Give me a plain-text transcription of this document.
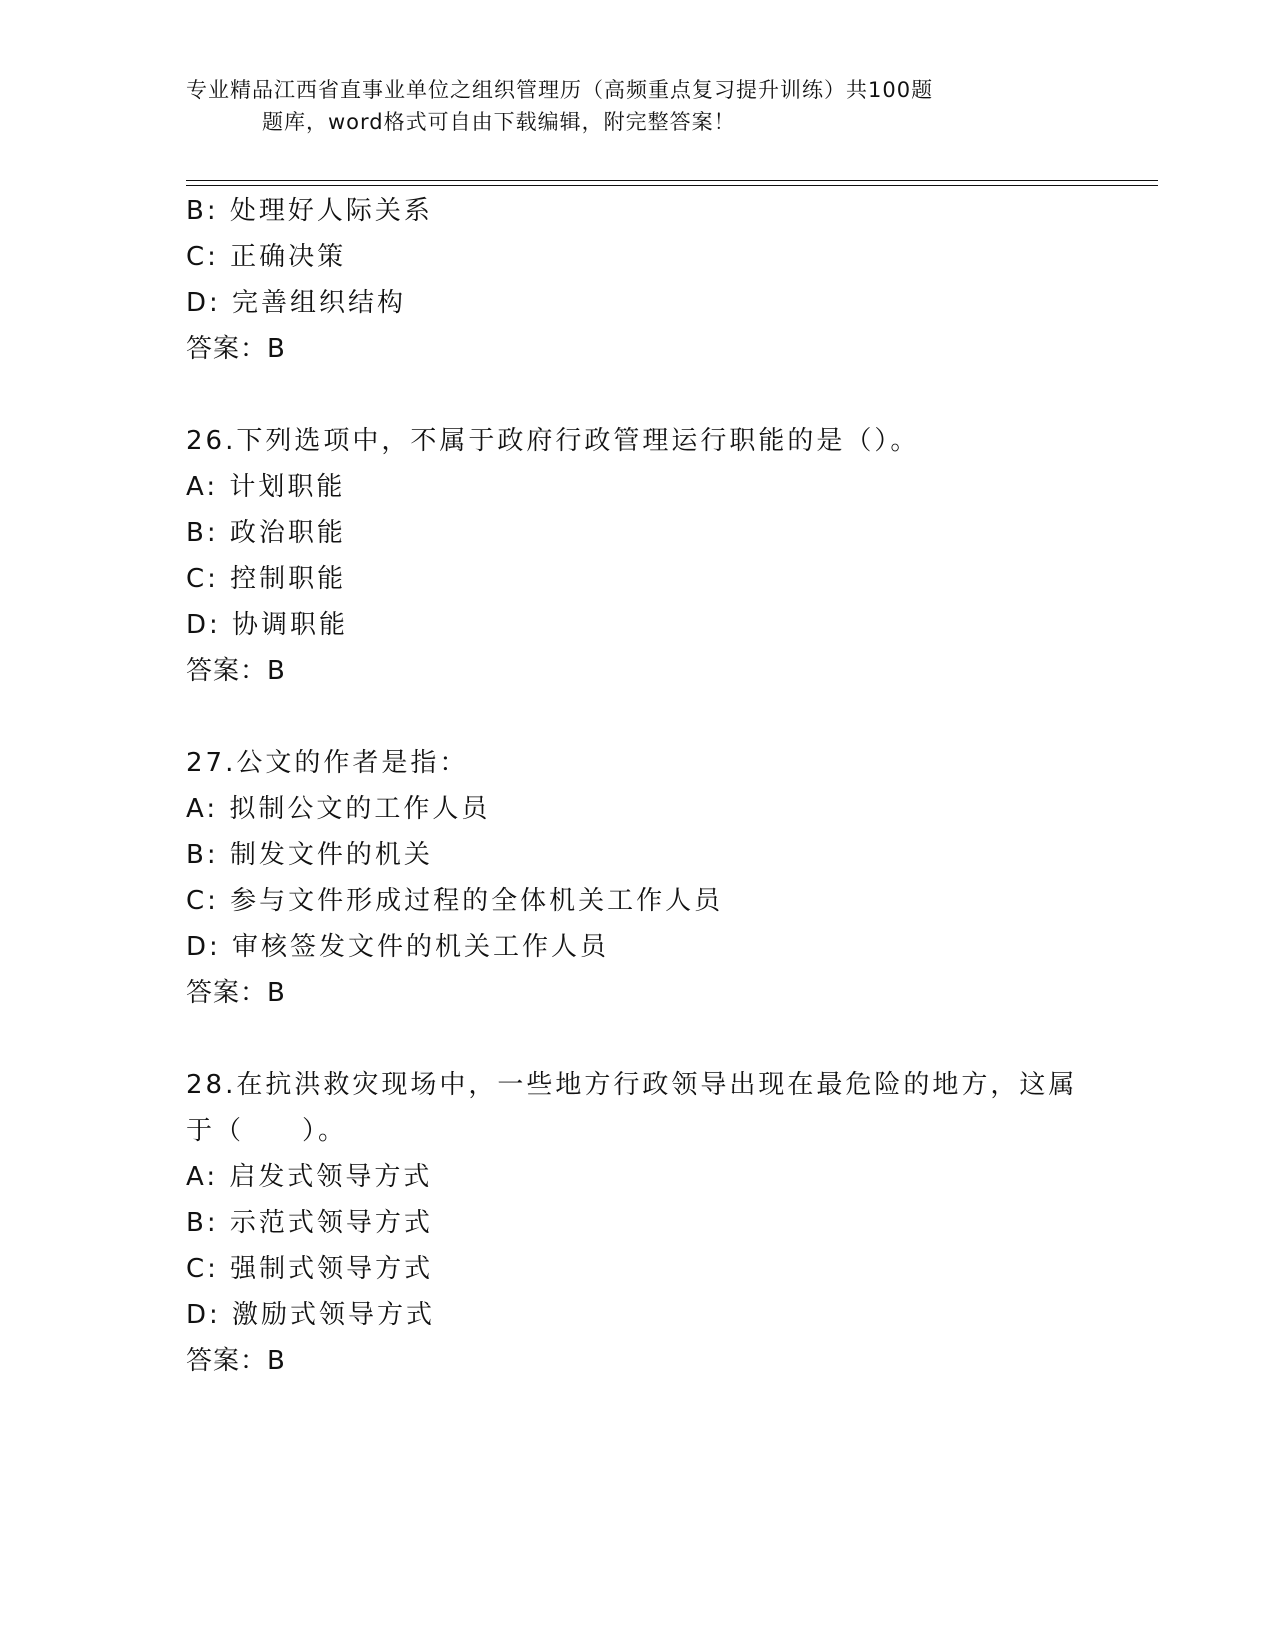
专业精品江西省直事业单位之组织管理历（高频重点复习提升训练）共100题
题库，word格式可自由下载编辑，附完整答案！
B: 处理好人际关系
C: 正确决策
D: 完善组织结构
答案：B
26.下列选项中，不属于政府行政管理运行职能的是（）。
A: 计划职能
B: 政治职能
C: 控制职能
D: 协调职能
答案：B
27.公文的作者是指：
A: 拟制公文的工作人员
B: 制发文件的机关
C: 参与文件形成过程的全体机关工作人员
D: 审核签发文件的机关工作人员
答案：B
28.在抗洪救灾现场中，一些地方行政领导出现在最危险的地方，这属
于（　　）。
A: 启发式领导方式
B: 示范式领导方式
C: 强制式领导方式
D: 激励式领导方式
答案：B
